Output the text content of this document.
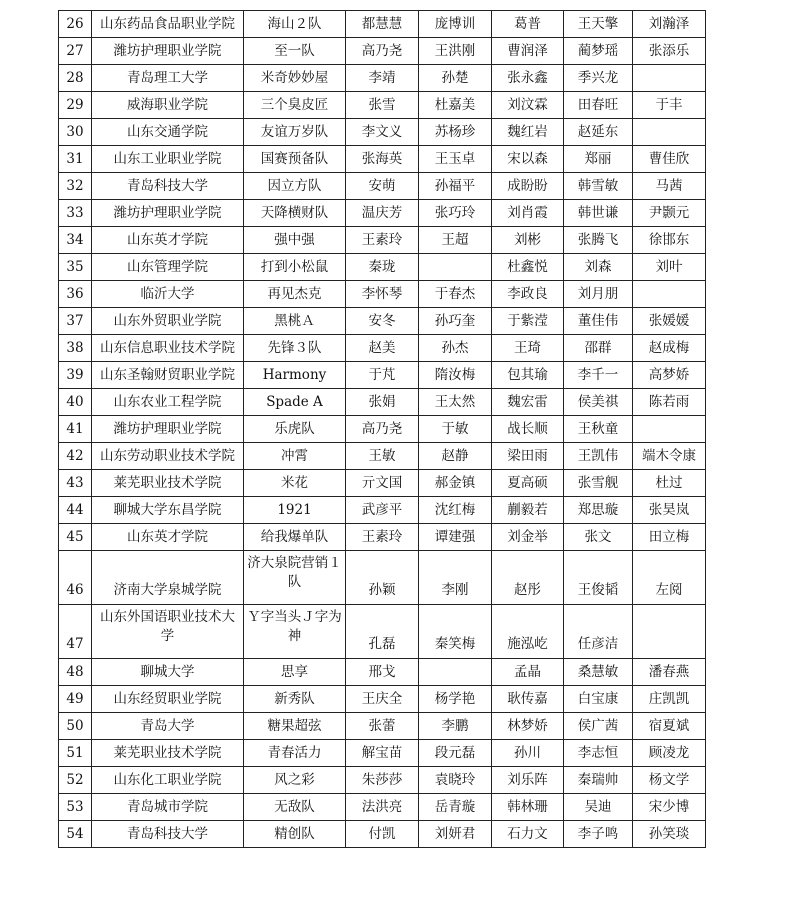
26	山东药品食品职业学院	海山２队	都慧慧	庞博训	葛普	王天擎	刘瀚泽
27	潍坊护理职业学院	至一队	高乃尧	王洪刚	曹润泽	蔺梦瑶	张添乐
28	青岛理工大学	米奇妙妙屋	李靖	孙楚	张永鑫	季兴龙	
29	威海职业学院	三个臭皮匠	张雪	杜嘉美	刘汶霖	田春旺	于丰
30	山东交通学院	友谊万岁队	李文义	苏杨珍	魏红岩	赵延东	
31	山东工业职业学院	国赛预备队	张海英	王玉卓	宋以森	郑丽	曹佳欣
32	青岛科技大学	因立方队	安萌	孙福平	成盼盼	韩雪敏	马茜
33	潍坊护理职业学院	天降横财队	温庆芳	张巧玲	刘肖霞	韩世谦	尹颢元
34	山东英才学院	强中强	王素玲	王超	刘彬	张腾飞	徐邯东
35	山东管理学院	打到小松鼠	秦珑		杜鑫悦	刘森	刘叶
36	临沂大学	再见杰克	李怀琴	于春杰	李政良	刘月朋	
37	山东外贸职业学院	黑桃Ａ	安冬	孙巧奎	于紫滢	董佳伟	张媛媛
38	山东信息职业技术学院	先锋３队	赵美	孙杰	王琦	邵群	赵成梅
39	山东圣翰财贸职业学院	Harmony	于芃	隋汝梅	包其瑜	李千一	高梦娇
40	山东农业工程学院	Spade A	张娟	王太然	魏宏雷	侯美祺	陈若雨
41	潍坊护理职业学院	乐虎队	高乃尧	于敏	战长顺	王秋童	
42	山东劳动职业技术学院	冲霄	王敏	赵静	梁田雨	王凯伟	端木令康
43	莱芜职业技术学院	米花	亓文国	郝金镇	夏高硕	张雪舰	杜过
44	聊城大学东昌学院	1921	武彦平	沈红梅	蒯毅若	郑思璇	张昊岚
45	山东英才学院	给我爆单队	王素玲	谭建强	刘金举	张文	田立梅
46	济南大学泉城学院	济大泉院营销１队	孙颖	李刚	赵彤	王俊韬	左阅
47	山东外国语职业技术大学	Ｙ字当头Ｊ字为神	孔磊	秦笑梅	施泓屹	任彦洁	
48	聊城大学	思享	邢戈		孟晶	桑慧敏	潘春燕
49	山东经贸职业学院	新秀队	王庆全	杨学艳	耿传嘉	白宝康	庄凯凯
50	青岛大学	糖果超弦	张蕾	李鹏	林梦娇	侯广茜	宿夏斌
51	莱芜职业技术学院	青春活力	解宝苗	段元磊	孙川	李志恒	顾凌龙
52	山东化工职业学院	风之彩	朱莎莎	袁晓玲	刘乐阵	秦瑞帅	杨文学
53	青岛城市学院	无敌队	法洪亮	岳青璇	韩林珊	吴迪	宋少博
54	青岛科技大学	精创队	付凯	刘妍君	石力文	李子鸣	孙笑琰
